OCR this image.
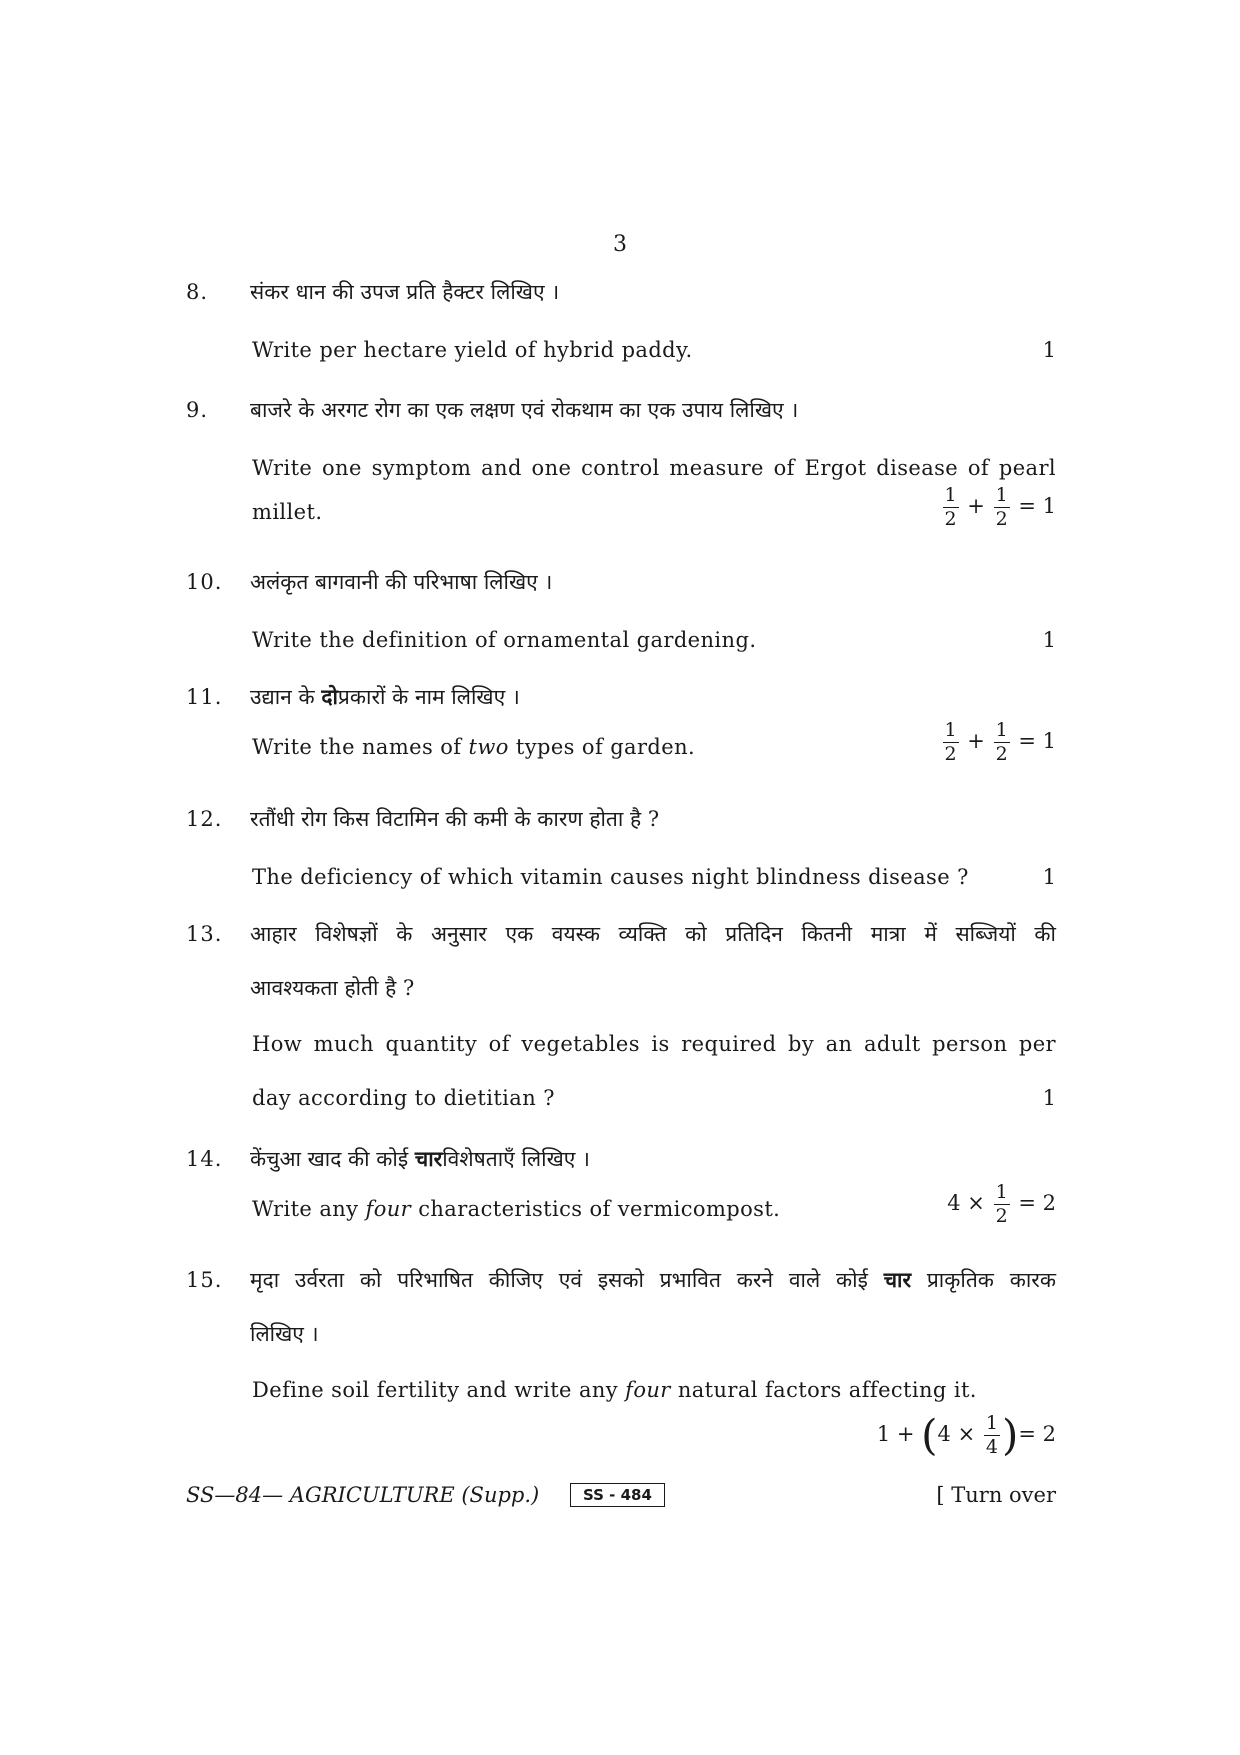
3
8. संकर धान की उपज प्रति हैक्टर लिखिए ।
Write per hectare yield of hybrid paddy.	1
9. बाजरे के अरगट रोग का एक लक्षण एवं रोकथाम का एक उपाय लिखिए ।
Write one symptom and one control measure of Ergot disease of pearl
millet.	$\frac{1}{2} + \frac{1}{2} = 1$
10. अलंकृत बागवानी की परिभाषा लिखिए ।
Write the definition of ornamental gardening.	1
11. उद्यान के दोप्रकारों के नाम लिखिए ।
Write the names of two types of garden.	$\frac{1}{2} + \frac{1}{2} = 1$
12. रतौंधी रोग किस विटामिन की कमी के कारण होता है ?
The deficiency of which vitamin causes night blindness disease ?	1
13. आहार विशेषज्ञों के अनुसार एक वयस्क व्यक्ति को प्रतिदिन कितनी मात्रा में सब्जियों की
आवश्यकता होती है ?
How much quantity of vegetables is required by an adult person per
day according to dietitian ?	1
14. केंचुआ खाद की कोई चारविशेषताएँ लिखिए ।
Write any four characteristics of vermicompost.	$4 \times \frac{1}{2} = 2$
15. मृदा उर्वरता को परिभाषित कीजिए एवं इसको प्रभावित करने वाले कोई चार प्राकृतिक कारक
लिखिए ।
Define soil fertility and write any four natural factors affecting it.
$1 + (4 \times \frac{1}{4}$ )= 2
SS—84— AGRICULTURE (Supp.)	SS - 484	[ Turn over
